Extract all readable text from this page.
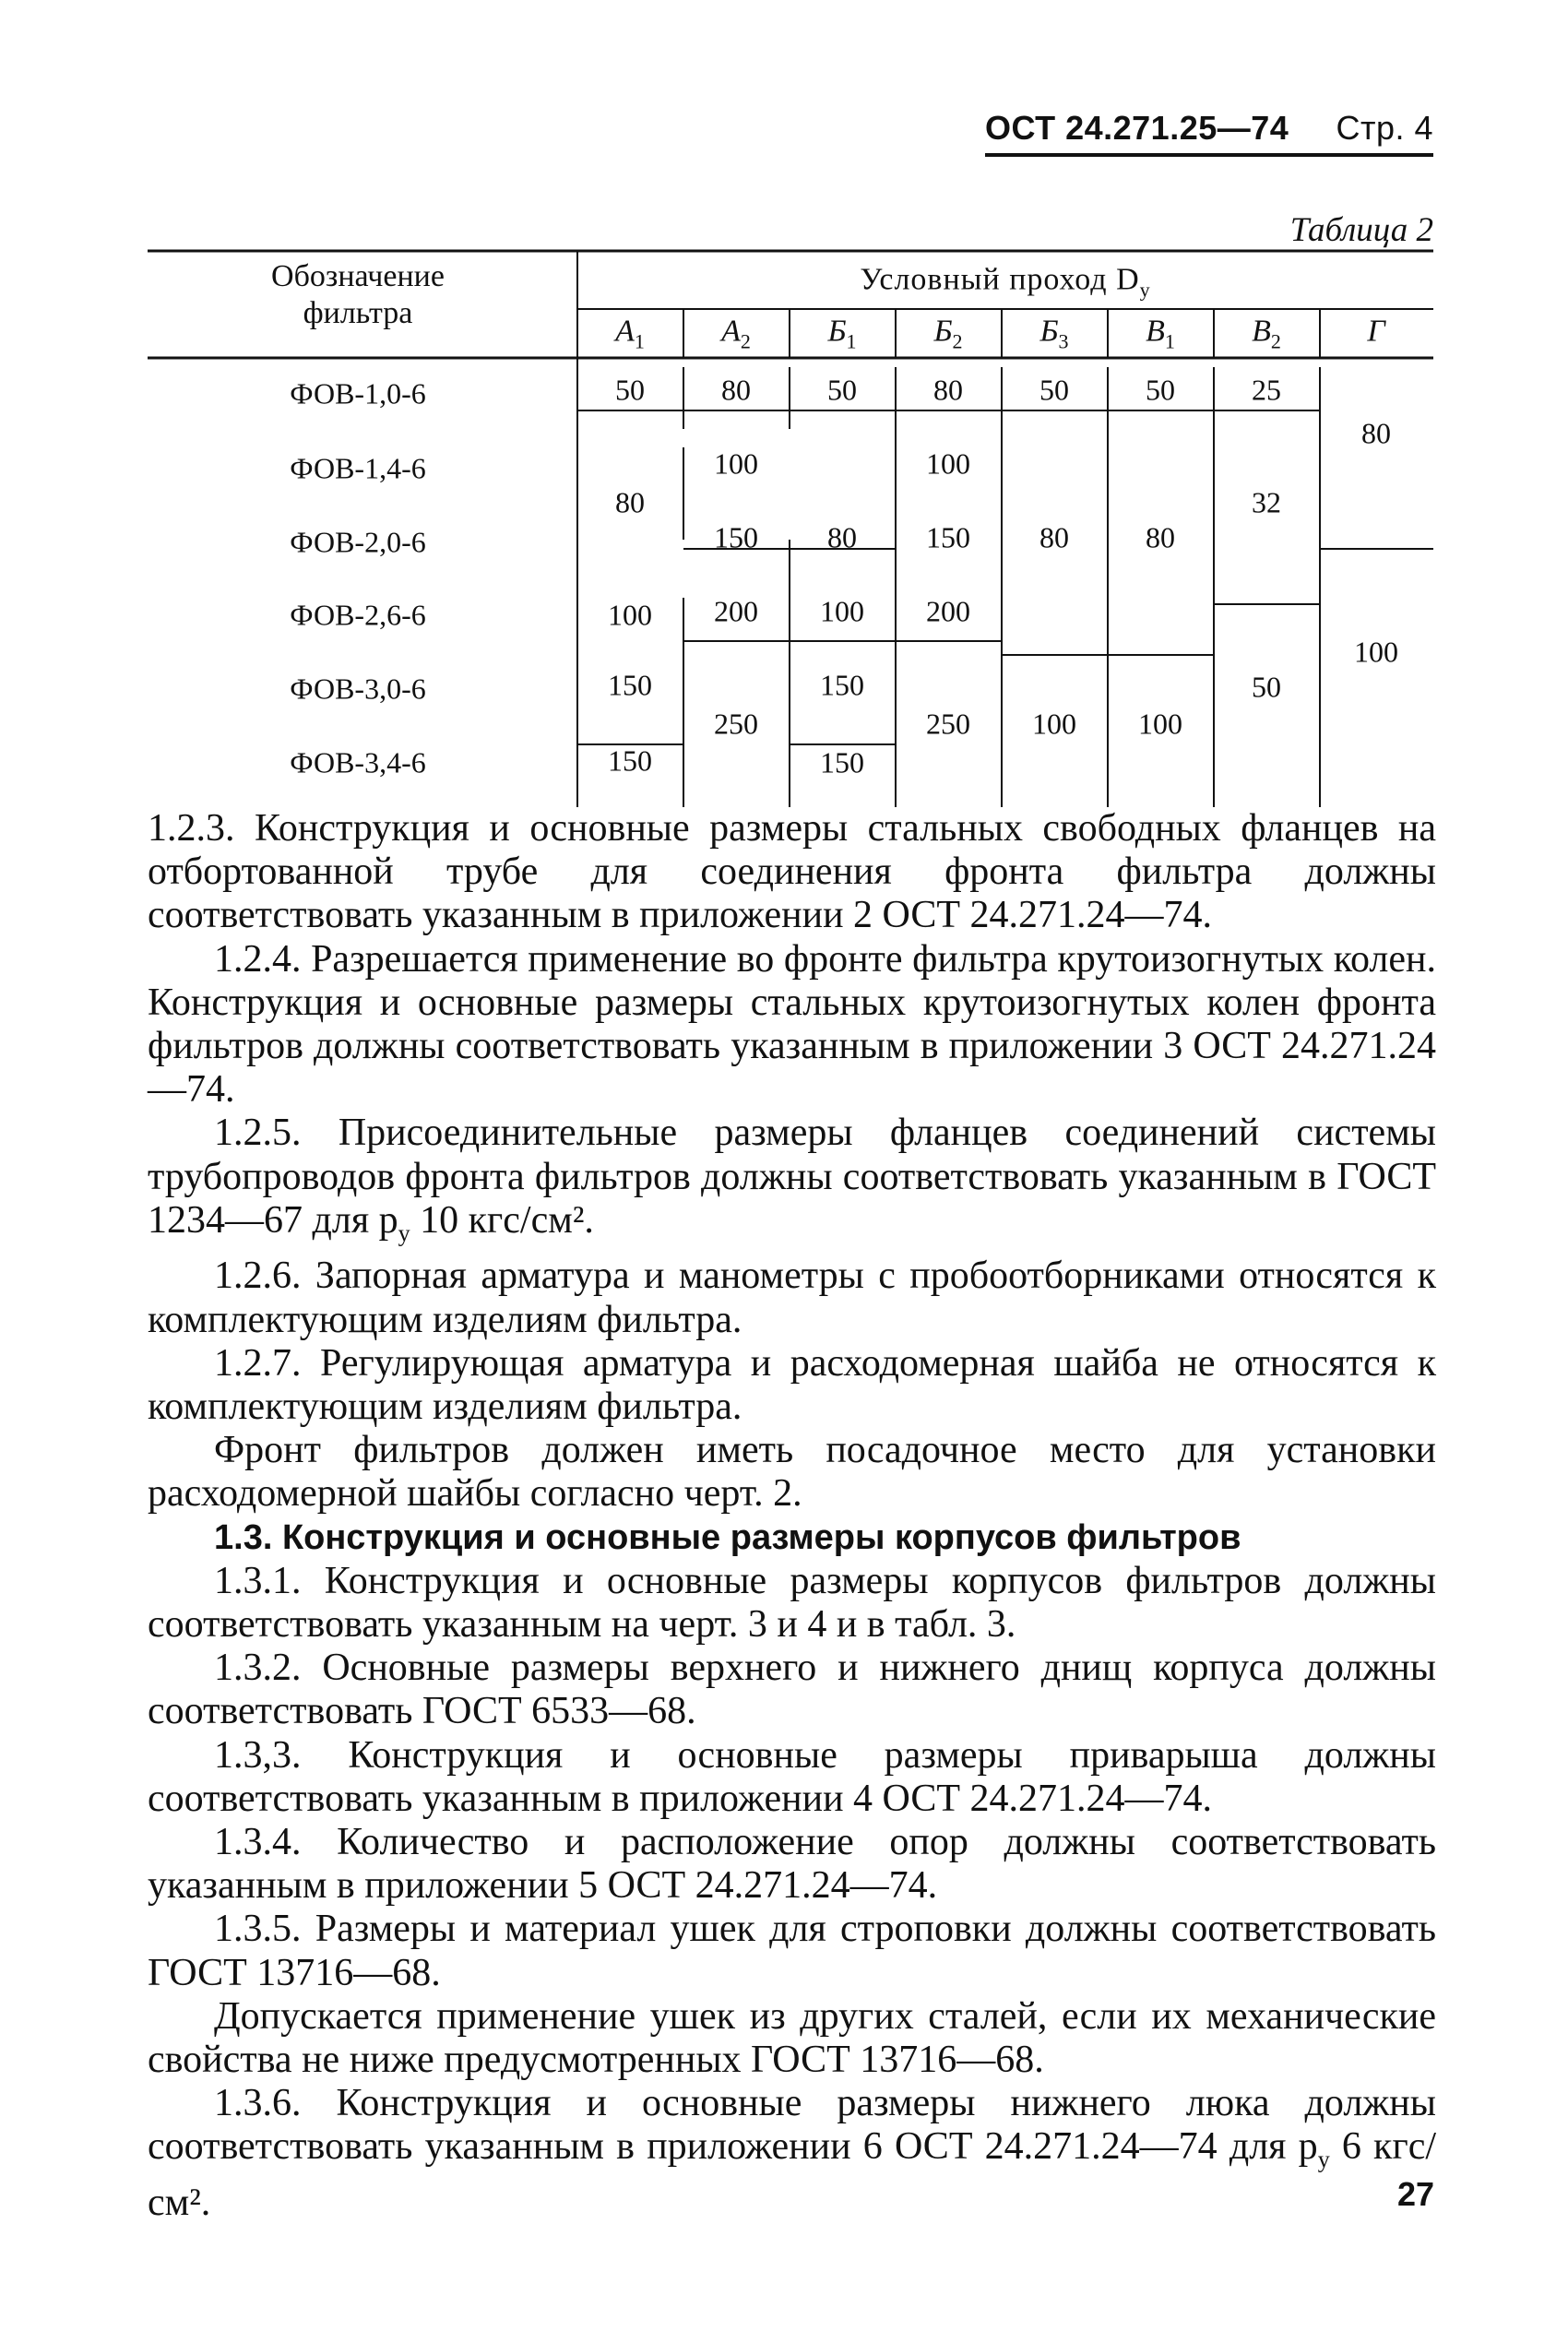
ОСТ 24.271.25—74 Стр. 4
Таблица 2
Обозначение фильтра
Условный проход $D_у$
$А_1$ $А_2$ $Б_1$ $Б_2$ $Б_3$ $В_1$ $В_2$	Г
ФОВ-1,0-6
ФОВ-1,4-6
ФОВ-2,0-6
ФОВ-2,6-6
ФОВ-3,0-6
ФОВ-3,4-6
50
80
100
150
150
80
100
150
200
250
50
80
100
150
150
80
100
150
200
250
50
80
100
50
80
100
25
32
50
80
100

1.2.3. Конструкция и основные размеры стальных свободных фланцев на отбортованной трубе для соединения фронта фильтра должны соответствовать указанным в приложении 2 ОСТ 24.271.24—74.

1.2.4. Разрешается применение во фронте фильтра крутоизогнутых колен. Конструкция и основные размеры стальных крутоизогнутых колен фронта фильтров должны соответствовать указанным в приложении 3 ОСТ 24.271.24—74.

1.2.5. Присоединительные размеры фланцев соединений системы трубопроводов фронта фильтров должны соответствовать указанным в ГОСТ 1234—67 для $p_у$ 10 кгс/см².

1.2.6. Запорная арматура и манометры с пробоотборниками относятся к комплектующим изделиям фильтра.

1.2.7. Регулирующая арматура и расходомерная шайба не относятся к комплектующим изделиям фильтра.

Фронт фильтров должен иметь посадочное место для установки расходомерной шайбы согласно черт. 2.

1.3. Конструкция и основные размеры корпусов фильтров

1.3.1. Конструкция и основные размеры корпусов фильтров должны соответствовать указанным на черт. 3 и 4 и в табл. 3.

1.3.2. Основные размеры верхнего и нижнего днищ корпуса должны соответствовать ГОСТ 6533—68.

1.3,3. Конструкция и основные размеры приварыша должны соответствовать указанным в приложении 4 ОСТ 24.271.24—74.

1.3.4. Количество и расположение опор должны соответствовать указанным в приложении 5 ОСТ 24.271.24—74.

1.3.5. Размеры и материал ушек для строповки должны соответствовать ГОСТ 13716—68.

Допускается применение ушек из других сталей, если их механические свойства не ниже предусмотренных ГОСТ 13716—68.

1.3.6. Конструкция и основные размеры нижнего люка должны соответствовать указанным в приложении 6 ОСТ 24.271.24—74 для $p_у$ 6 кгс/см².	27
